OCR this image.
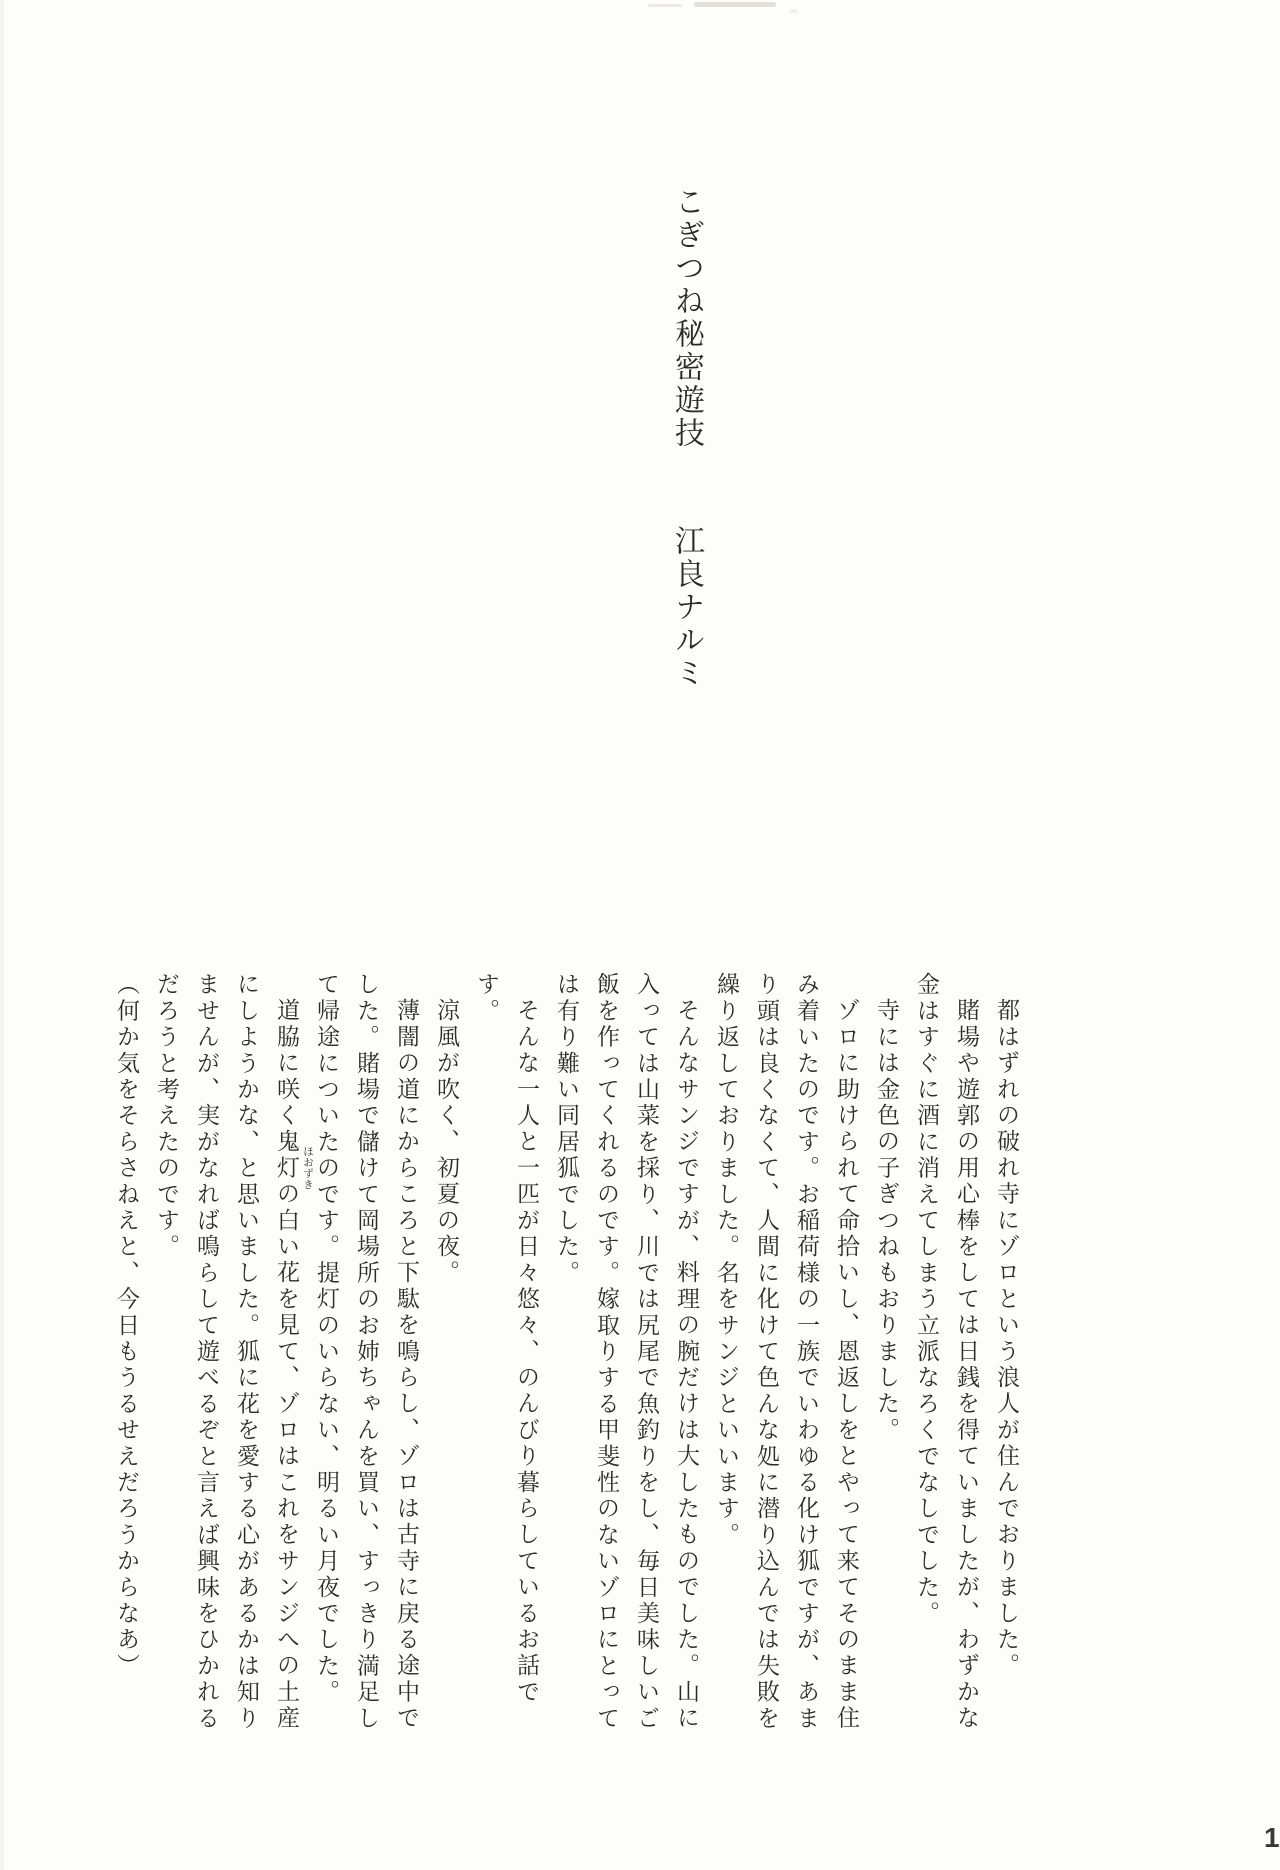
こぎつね秘密遊技 江良ナルミ
都はずれの破れ寺にゾロという浪人が住んでおりました。
賭場や遊郭の用心棒をしては日銭を得ていましたが、わずかな
金はすぐに酒に消えてしまう立派なろくでなしでした。
寺には金色の子ぎつねもおりました。
ゾロに助けられて命拾いし、恩返しをとやって来てそのまま住
み着いたのです。お稲荷様の一族でいわゆる化け狐ですが、あま
り頭は良くなくて、人間に化けて色んな処に潜り込んでは失敗を
繰り返しておりました。名をサンジといいます。
そんなサンジですが、料理の腕だけは大したものでした。山に
入っては山菜を採り、川では尻尾で魚釣りをし、毎日美味しいご
飯を作ってくれるのです。嫁取りする甲斐性のないゾロにとって
は有り難い同居狐でした。
そんな一人と一匹が日々悠々、のんびり暮らしているお話です。
涼風が吹く、初夏の夜。
薄闇の道にからころと下駄を鳴らし、ゾロは古寺に戻る途中で
した。賭場で儲けて岡場所のお姉ちゃんを買い、すっきり満足し
て帰途についたのです。提灯のいらない、明るい月夜でした。
道脇に咲く鬼灯 ほおずき
の白い花を見て、ゾロはこれをサンジへの土産
にしようかな、と思いました。狐に花を愛する心があるかは知り
ませんが、実がなれば鳴らして遊べるぞと言えば興味をひかれる
だろうと考えたのです。
（何か気をそらさねえと、今日もうるせえだろうからなあ）
1
